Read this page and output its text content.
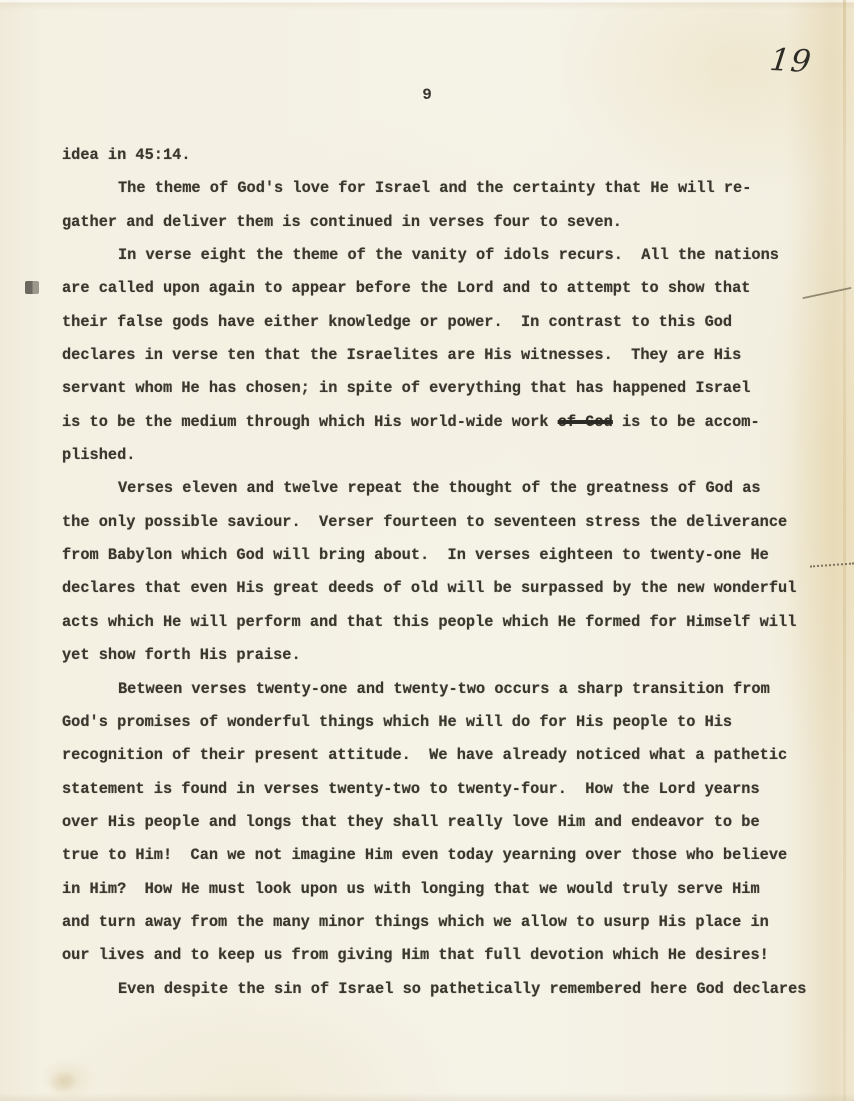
19
9
idea in 45:14.
The theme of God's love for Israel and the certainty that He will re-
gather and deliver them is continued in verses four to seven.
In verse eight the theme of the vanity of idols recurs.  All the nations
are called upon again to appear before the Lord and to attempt to show that
their false gods have either knowledge or power.  In contrast to this God
declares in verse ten that the Israelites are His witnesses.  They are His
servant whom He has chosen; in spite of everything that has happened Israel
is to be the medium through which His world-wide work of God is to be accom-
plished.
Verses eleven and twelve repeat the thought of the greatness of God as
the only possible saviour.  Verser fourteen to seventeen stress the deliverance
from Babylon which God will bring about.  In verses eighteen to twenty-one He
declares that even His great deeds of old will be surpassed by the new wonderful
acts which He will perform and that this people which He formed for Himself will
yet show forth His praise.
Between verses twenty-one and twenty-two occurs a sharp transition from
God's promises of wonderful things which He will do for His people to His
recognition of their present attitude.  We have already noticed what a pathetic
statement is found in verses twenty-two to twenty-four.  How the Lord yearns
over His people and longs that they shall really love Him and endeavor to be
true to Him!  Can we not imagine Him even today yearning over those who believe
in Him?  How He must look upon us with longing that we would truly serve Him
and turn away from the many minor things which we allow to usurp His place in
our lives and to keep us from giving Him that full devotion which He desires!
Even despite the sin of Israel so pathetically remembered here God declares
